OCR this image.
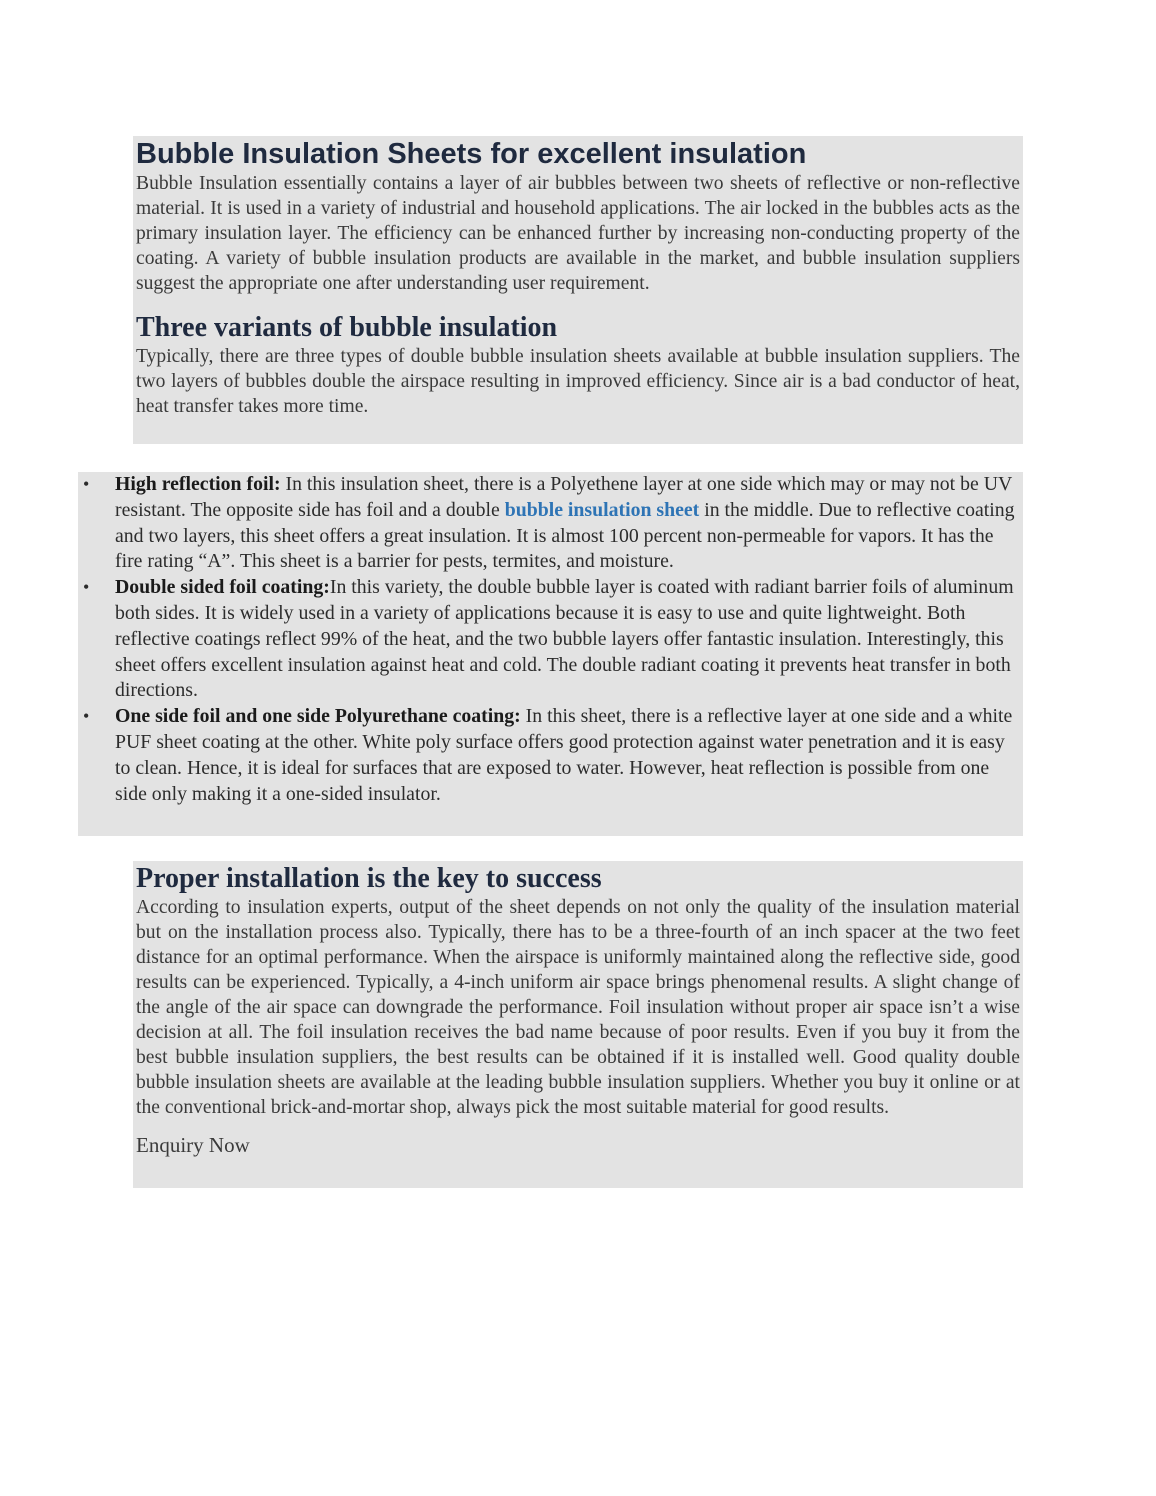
Bubble Insulation Sheets for excellent insulation

Bubble Insulation essentially contains a layer of air bubbles between two sheets of reflective or non-reflective material. It is used in a variety of industrial and household applications. The air locked in the bubbles acts as the primary insulation layer. The efficiency can be enhanced further by increasing non-conducting property of the coating. A variety of bubble insulation products are available in the market, and bubble insulation suppliers suggest the appropriate one after understanding user requirement.

Three variants of bubble insulation

Typically, there are three types of double bubble insulation sheets available at bubble insulation suppliers. The two layers of bubbles double the airspace resulting in improved efficiency. Since air is a bad conductor of heat, heat transfer takes more time.

• High reflection foil: In this insulation sheet, there is a Polyethene layer at one side which may or may not be UV resistant. The opposite side has foil and a double bubble insulation sheet in the middle. Due to reflective coating and two layers, this sheet offers a great insulation. It is almost 100 percent non-permeable for vapors. It has the fire rating “A”. This sheet is a barrier for pests, termites, and moisture.
• Double sided foil coating:In this variety, the double bubble layer is coated with radiant barrier foils of aluminum both sides. It is widely used in a variety of applications because it is easy to use and quite lightweight. Both reflective coatings reflect 99% of the heat, and the two bubble layers offer fantastic insulation. Interestingly, this sheet offers excellent insulation against heat and cold. The double radiant coating it prevents heat transfer in both directions.
• One side foil and one side Polyurethane coating: In this sheet, there is a reflective layer at one side and a white PUF sheet coating at the other. White poly surface offers good protection against water penetration and it is easy to clean. Hence, it is ideal for surfaces that are exposed to water. However, heat reflection is possible from one side only making it a one-sided insulator.
Proper installation is the key to success

According to insulation experts, output of the sheet depends on not only the quality of the insulation material but on the installation process also. Typically, there has to be a three-fourth of an inch spacer at the two feet distance for an optimal performance. When the airspace is uniformly maintained along the reflective side, good results can be experienced. Typically, a 4-inch uniform air space brings phenomenal results. A slight change of the angle of the air space can downgrade the performance. Foil insulation without proper air space isn’t a wise decision at all. The foil insulation receives the bad name because of poor results. Even if you buy it from the best bubble insulation suppliers, the best results can be obtained if it is installed well. Good quality double bubble insulation sheets are available at the leading bubble insulation suppliers. Whether you buy it online or at the conventional brick-and-mortar shop, always pick the most suitable material for good results.

Enquiry Now
